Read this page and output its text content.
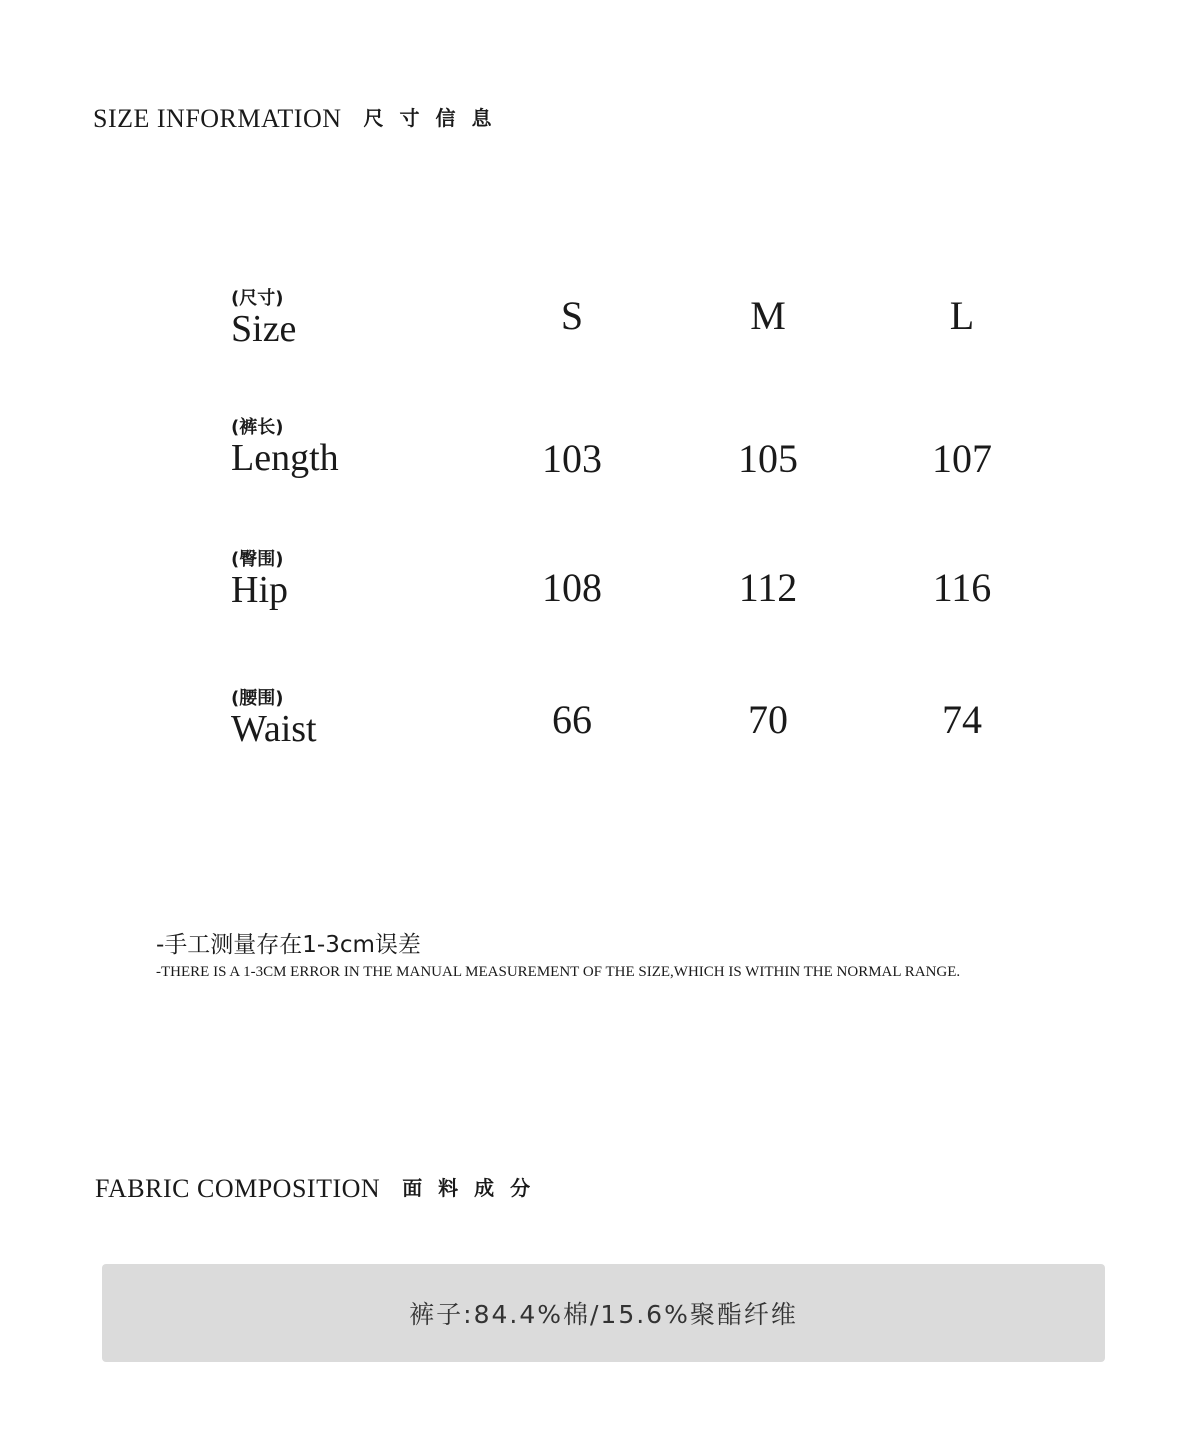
SIZE INFORMATION 尺寸信息
(尺寸)
Size	S	M	L
(裤长)
Length	103	105	107
(臀围)
Hip	108	112	116
(腰围)
Waist	66	70	74
-手工测量存在1-3cm误差
-THERE IS A 1-3CM ERROR IN THE MANUAL MEASUREMENT OF THE SIZE,WHICH IS WITHIN THE NORMAL RANGE.
FABRIC COMPOSITION 面料成分
裤子:84.4%棉/15.6%聚酯纤维
